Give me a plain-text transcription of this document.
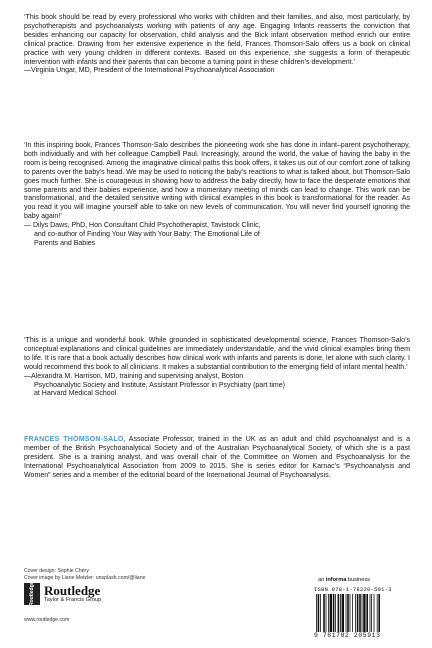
‘This book should be read by every professional who works with children and their families, and also, most particularly, by psychotherapists and psychoanalysts working with patients of any age. Engaging Infants reasserts the conviction that besides enhancing our capacity for observation, child analysis and the Bick infant observation method enrich our entire clinical practice. Drawing from her extensive experience in the field, Frances Thomson-Salo offers us a book on clinical practice with very young children in different contexts. Based on this experience, she suggests a form of therapeutic intervention with infants and their parents that can become a turning point in these children’s development.’

—Virginia Ungar, MD, President of the International Psychoanalytical Association

‘In this inspiring book, Frances Thomson-Salo describes the pioneering work she has done in infant–parent psychotherapy, both individually and with her colleague Campbell Paul. Increasingly, around the world, the value of having the baby in the room is being recognised. Among the imaginative clinical paths this book offers, it takes us out of our comfort zone of talking to parents over the baby’s head. We may be used to noticing the baby’s reactions to what is talked about, but Thomson-Salo goes much further. She is courageous in showing how to address the baby directly, how to face the desperate emotions that some parents and their babies experience, and how a momentary meeting of minds can lead to change. This work can be transformational, and the detailed sensitive writing with clinical examples in this book is transformational for the reader. As you read it you will imagine yourself able to take on new levels of communication. You will never find yourself ignoring the baby again!’

— Dilys Daws, PhD, Hon Consultant Child Psychotherapist, Tavistock Clinic,
and co-author of Finding Your Way with Your Baby: The Emotional Life of
Parents and Babies

‘This is a unique and wonderful book. While grounded in sophisticated developmental science, Frances Thomson-Salo’s conceptual explanations and clinical guidelines are immediately understandable, and the vivid clinical examples bring them to life. It is rare that a book actually describes how clinical work with infants and parents is done, let alone with such clarity. I would recommend this book to all clinicians. It makes a substantial contribution to the emerging field of infant mental health.’

—Alexandra M. Harrison, MD, training and supervising analyst, Boston
Psychoanalytic Society and Institute, Assistant Professor in Psychiatry (part time)
at Harvard Medical School

FRANCES THOMSON-SALO, Associate Professor, trained in the UK as an adult and child psychoanalyst and is a member of the British Psychoanalytical Society and of the Australian Psychoanalytical Society, of which she is a past president. She is a training analyst, and was overall chair of the Committee on Women and Psychoanalysis for the International Psychoanalytical Association from 2009 to 2015. She is series editor for Karnac’s “Psychoanalysis and Women” series and a member of the editorial board of the International Journal of Psychoanalysis.
Cover design: Sophie Chéry
Cover image by Liane Metzler: unsplash.com/@liane
Routledge Routledge
Taylor & Francis Group
www.routledge.com
an informa business
ISBN 978-1-78220-591-3
9 781782 205913
